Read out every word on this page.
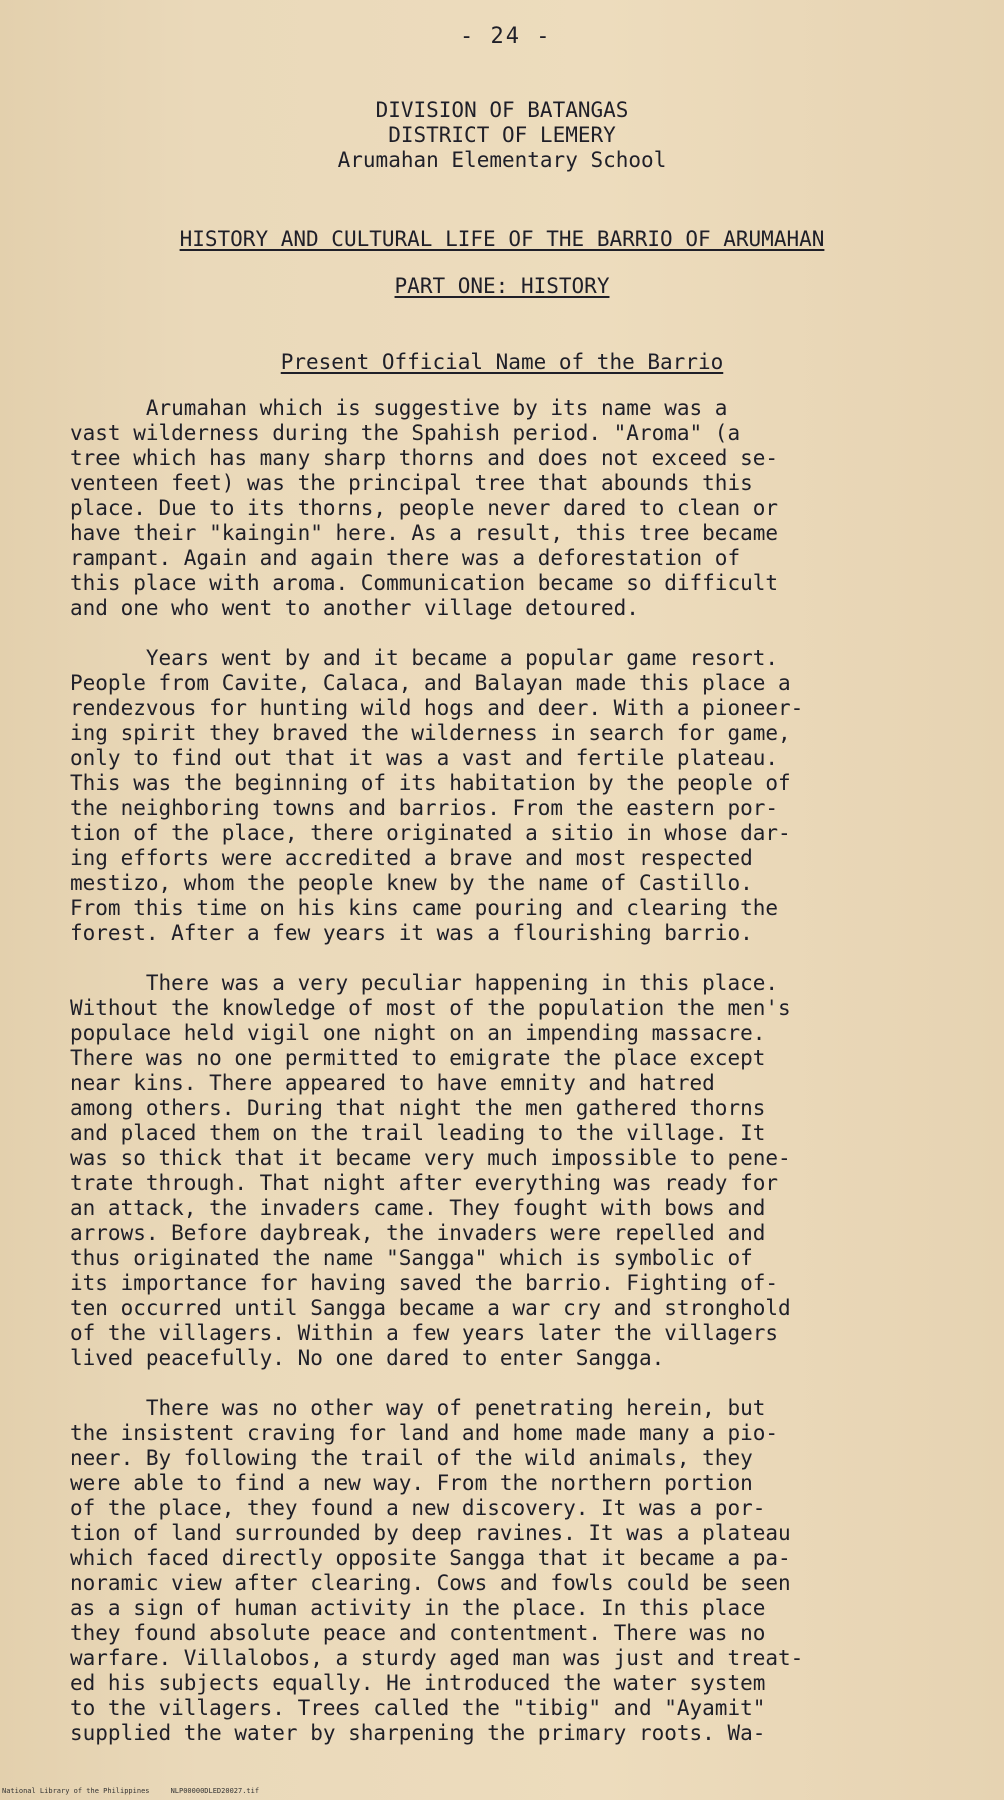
- 24 -
DIVISION OF BATANGAS
DISTRICT OF LEMERY
Arumahan Elementary School
HISTORY AND CULTURAL LIFE OF THE BARRIO OF ARUMAHAN
PART ONE: HISTORY
Present Official Name of the Barrio
Arumahan which is suggestive by its name was a
vast wilderness during the Spahish period. "Aroma" (a
tree which has many sharp thorns and does not exceed se-
venteen feet) was the principal tree that abounds this
place. Due to its thorns, people never dared to clean or
have their "kaingin" here. As a result, this tree became
rampant. Again and again there was a deforestation of
this place with aroma. Communication became so difficult
and one who went to another village detoured.
Years went by and it became a popular game resort.
People from Cavite, Calaca, and Balayan made this place a
rendezvous for hunting wild hogs and deer. With a pioneer-
ing spirit they braved the wilderness in search for game,
only to find out that it was a vast and fertile plateau.
This was the beginning of its habitation by the people of
the neighboring towns and barrios. From the eastern por-
tion of the place, there originated a sitio in whose dar-
ing efforts were accredited a brave and most respected
mestizo, whom the people knew by the name of Castillo.
From this time on his kins came pouring and clearing the
forest. After a few years it was a flourishing barrio.
There was a very peculiar happening in this place.
Without the knowledge of most of the population the men's
populace held vigil one night on an impending massacre.
There was no one permitted to emigrate the place except
near kins. There appeared to have emnity and hatred
among others. During that night the men gathered thorns
and placed them on the trail leading to the village. It
was so thick that it became very much impossible to pene-
trate through. That night after everything was ready for
an attack, the invaders came. They fought with bows and
arrows. Before daybreak, the invaders were repelled and
thus originated the name "Sangga" which is symbolic of
its importance for having saved the barrio. Fighting of-
ten occurred until Sangga became a war cry and stronghold
of the villagers. Within a few years later the villagers
lived peacefully. No one dared to enter Sangga.
There was no other way of penetrating herein, but
the insistent craving for land and home made many a pio-
neer. By following the trail of the wild animals, they
were able to find a new way. From the northern portion
of the place, they found a new discovery. It was a por-
tion of land surrounded by deep ravines. It was a plateau
which faced directly opposite Sangga that it became a pa-
noramic view after clearing. Cows and fowls could be seen
as a sign of human activity in the place. In this place
they found absolute peace and contentment. There was no
warfare. Villalobos, a sturdy aged man was just and treat-
ed his subjects equally. He introduced the water system
to the villagers. Trees called the "tibig" and "Ayamit"
supplied the water by sharpening the primary roots. Wa-
National Library of the Philippines     NLP00000DLED20027.tif
